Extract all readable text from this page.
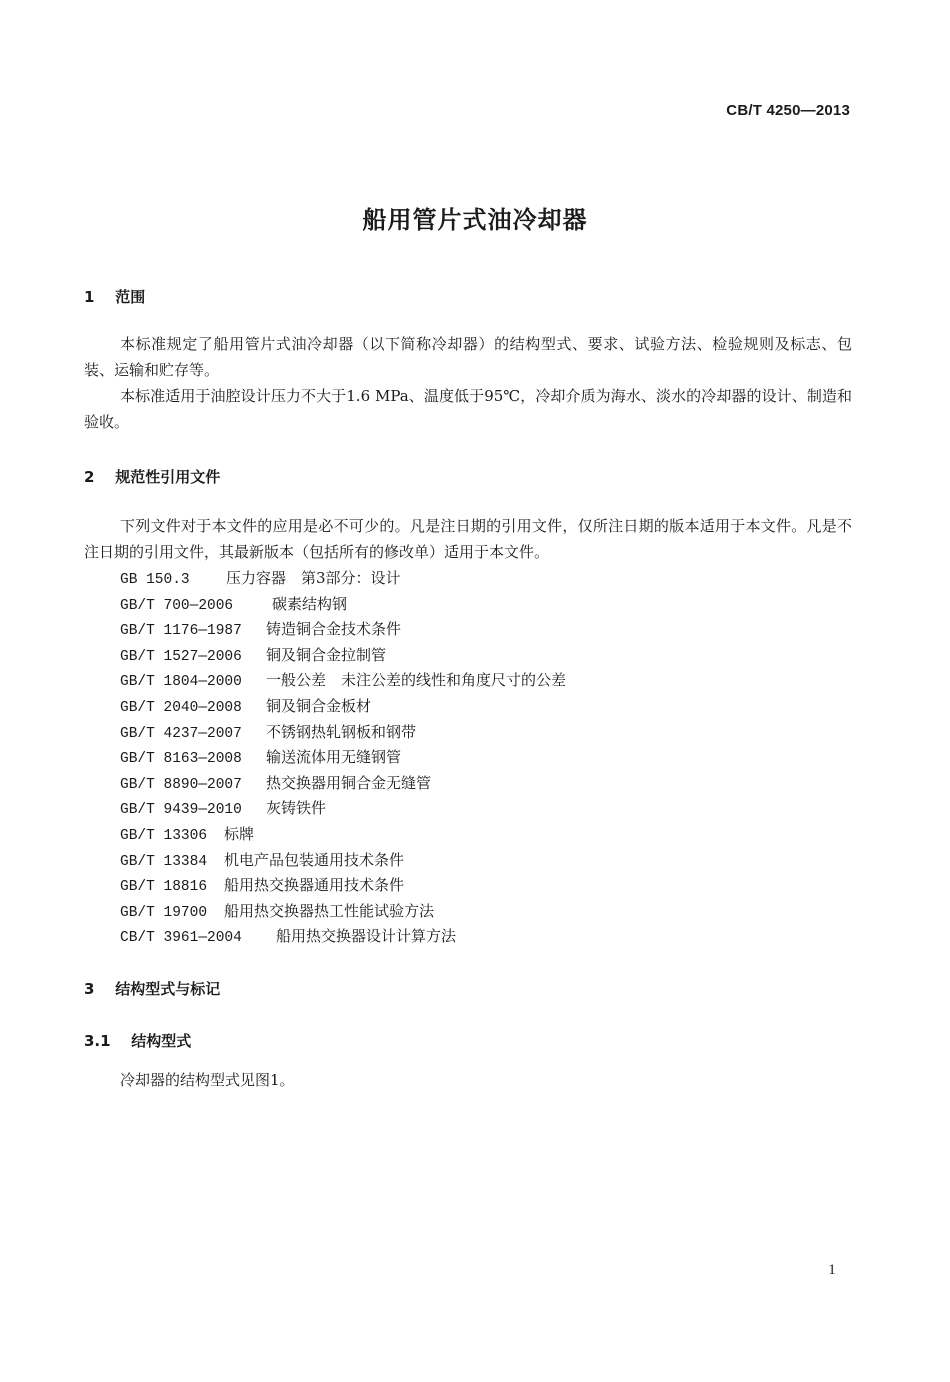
CB/T 4250—2013
船用管片式油冷却器
1 范围
本标准规定了船用管片式油冷却器（以下简称冷却器）的结构型式、要求、试验方法、检验规则及标志、包装、运输和贮存等。
本标准适用于油腔设计压力不大于1.6 MPa、温度低于95℃，冷却介质为海水、淡水的冷却器的设计、制造和验收。
2 规范性引用文件
下列文件对于本文件的应用是必不可少的。凡是注日期的引用文件，仅所注日期的版本适用于本文件。凡是不注日期的引用文件，其最新版本（包括所有的修改单）适用于本文件。
GB 150.3 压力容器　第3部分：设计
GB/T 700—2006	碳素结构钢
GB/T 1176—1987 铸造铜合金技术条件
GB/T 1527—2006 铜及铜合金拉制管
GB/T 1804—2000 一般公差　未注公差的线性和角度尺寸的公差
GB/T 2040—2008 铜及铜合金板材
GB/T 4237—2007 不锈钢热轧钢板和钢带
GB/T 8163—2008 输送流体用无缝钢管
GB/T 8890—2007 热交换器用铜合金无缝管
GB/T 9439—2010 灰铸铁件
GB/T 13306 标牌
GB/T 13384 机电产品包装通用技术条件
GB/T 18816 船用热交换器通用技术条件
GB/T 19700 船用热交换器热工性能试验方法
CB/T 3961—2004 船用热交换器设计计算方法
3 结构型式与标记
3.1 结构型式
冷却器的结构型式见图1。
1
